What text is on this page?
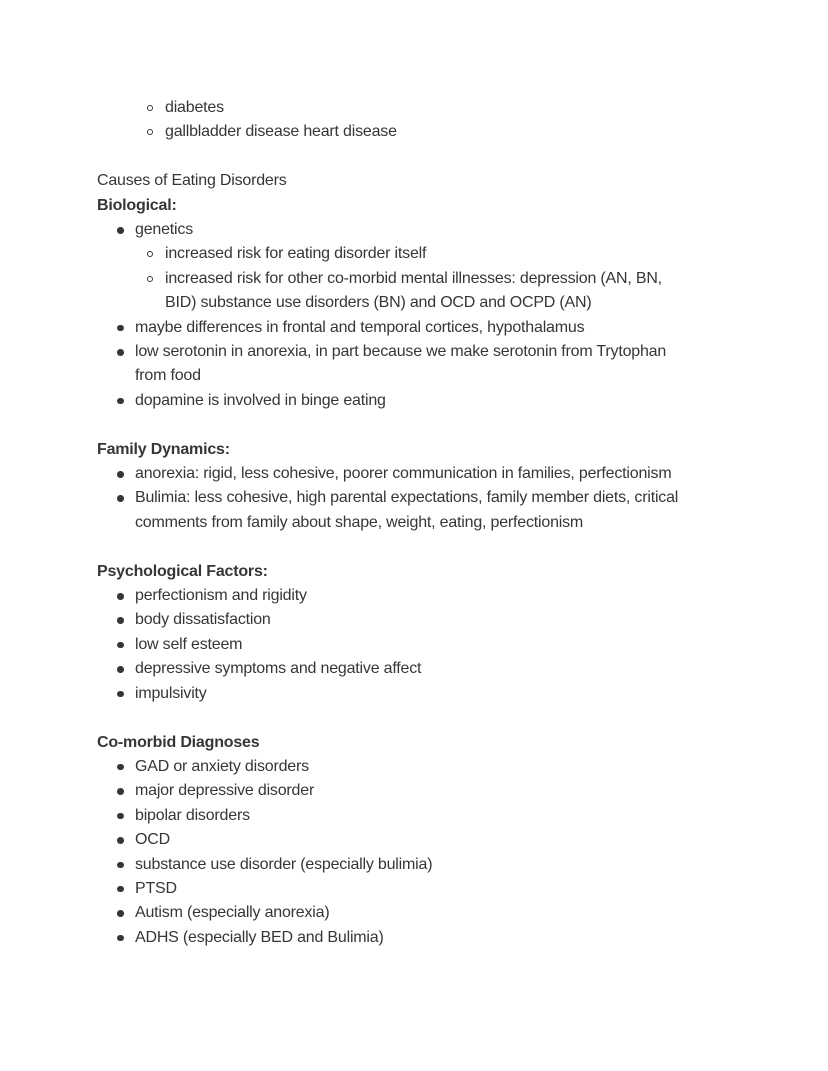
diabetes
gallbladder disease heart disease

Causes of Eating Disorders

Biological:

genetics
increased risk for eating disorder itself
increased risk for other co-morbid mental illnesses: depression (AN, BN, BID) substance use disorders (BN) and OCD and OCPD (AN)
maybe differences in frontal and temporal cortices, hypothalamus
low serotonin in anorexia, in part because we make serotonin from Trytophan from food
dopamine is involved in binge eating

Family Dynamics:

anorexia: rigid, less cohesive, poorer communication in families, perfectionism
Bulimia: less cohesive, high parental expectations, family member diets, critical comments from family about shape, weight, eating, perfectionism

Psychological Factors:

perfectionism and rigidity
body dissatisfaction
low self esteem
depressive symptoms and negative affect
impulsivity

Co-morbid Diagnoses

GAD or anxiety disorders
major depressive disorder
bipolar disorders
OCD
substance use disorder (especially bulimia)
PTSD
Autism (especially anorexia)
ADHS (especially BED and Bulimia)
